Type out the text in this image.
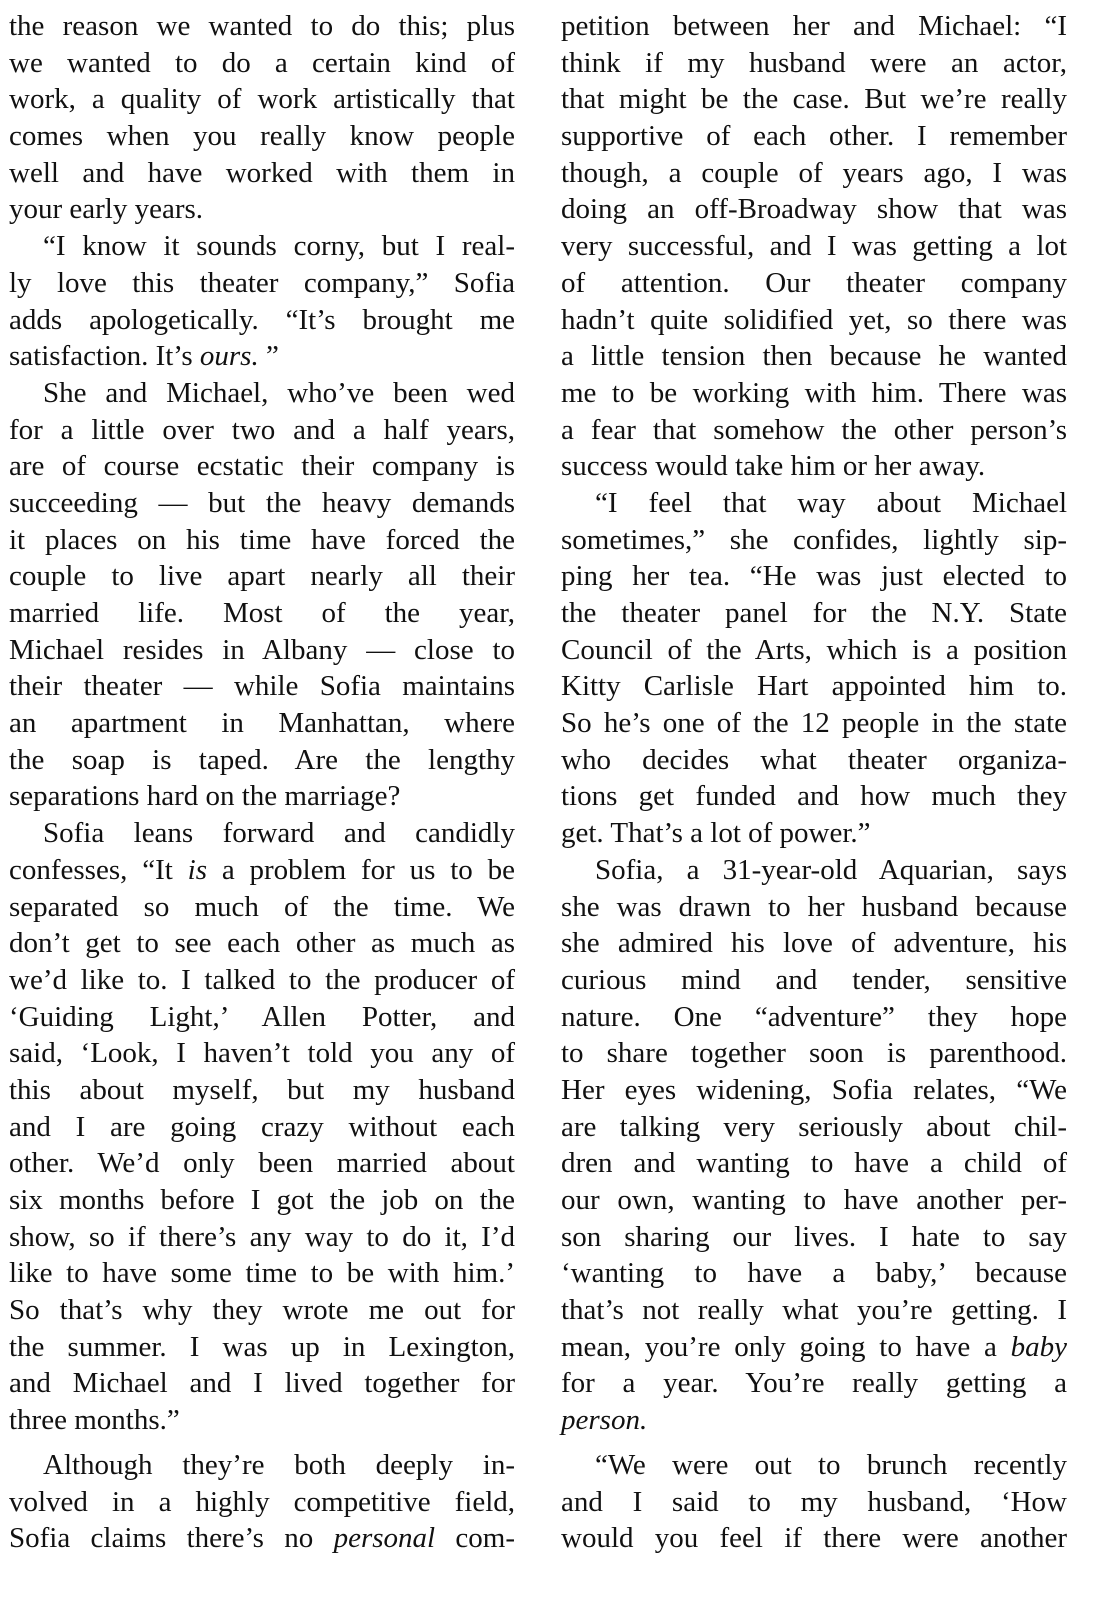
the reason we wanted to do this; plus
we wanted to do a certain kind of
work, a quality of work artistically that
comes when you really know people
well and have worked with them in
your early years.
“I know it sounds corny, but I real-
ly love this theater company,” Sofia
adds apologetically. “It’s brought me
satisfaction. It’s ours. ”
She and Michael, who’ve been wed
for a little over two and a half years,
are of course ecstatic their company is
succeeding — but the heavy demands
it places on his time have forced the
couple to live apart nearly all their
married life. Most of the year,
Michael resides in Albany — close to
their theater — while Sofia maintains
an apartment in Manhattan, where
the soap is taped. Are the lengthy
separations hard on the marriage?
Sofia leans forward and candidly
confesses, “It is a problem for us to be
separated so much of the time. We
don’t get to see each other as much as
we’d like to. I talked to the producer of
‘Guiding Light,’ Allen Potter, and
said, ‘Look, I haven’t told you any of
this about myself, but my husband
and I are going crazy without each
other. We’d only been married about
six months before I got the job on the
show, so if there’s any way to do it, I’d
like to have some time to be with him.’
So that’s why they wrote me out for
the summer. I was up in Lexington,
and Michael and I lived together for
three months.”
Although they’re both deeply in-
volved in a highly competitive field,
Sofia claims there’s no personal com-
petition between her and Michael: “I
think if my husband were an actor,
that might be the case. But we’re really
supportive of each other. I remember
though, a couple of years ago, I was
doing an off-Broadway show that was
very successful, and I was getting a lot
of attention. Our theater company
hadn’t quite solidified yet, so there was
a little tension then because he wanted
me to be working with him. There was
a fear that somehow the other person’s
success would take him or her away.
“I feel that way about Michael
sometimes,” she confides, lightly sip-
ping her tea. “He was just elected to
the theater panel for the N.Y. State
Council of the Arts, which is a position
Kitty Carlisle Hart appointed him to.
So he’s one of the 12 people in the state
who decides what theater organiza-
tions get funded and how much they
get. That’s a lot of power.”
Sofia, a 31-year-old Aquarian, says
she was drawn to her husband because
she admired his love of adventure, his
curious mind and tender, sensitive
nature. One “adventure” they hope
to share together soon is parenthood.
Her eyes widening, Sofia relates, “We
are talking very seriously about chil-
dren and wanting to have a child of
our own, wanting to have another per-
son sharing our lives. I hate to say
‘wanting to have a baby,’ because
that’s not really what you’re getting. I
mean, you’re only going to have a baby
for a year. You’re really getting a
person.
“We were out to brunch recently
and I said to my husband, ‘How
would you feel if there were another
